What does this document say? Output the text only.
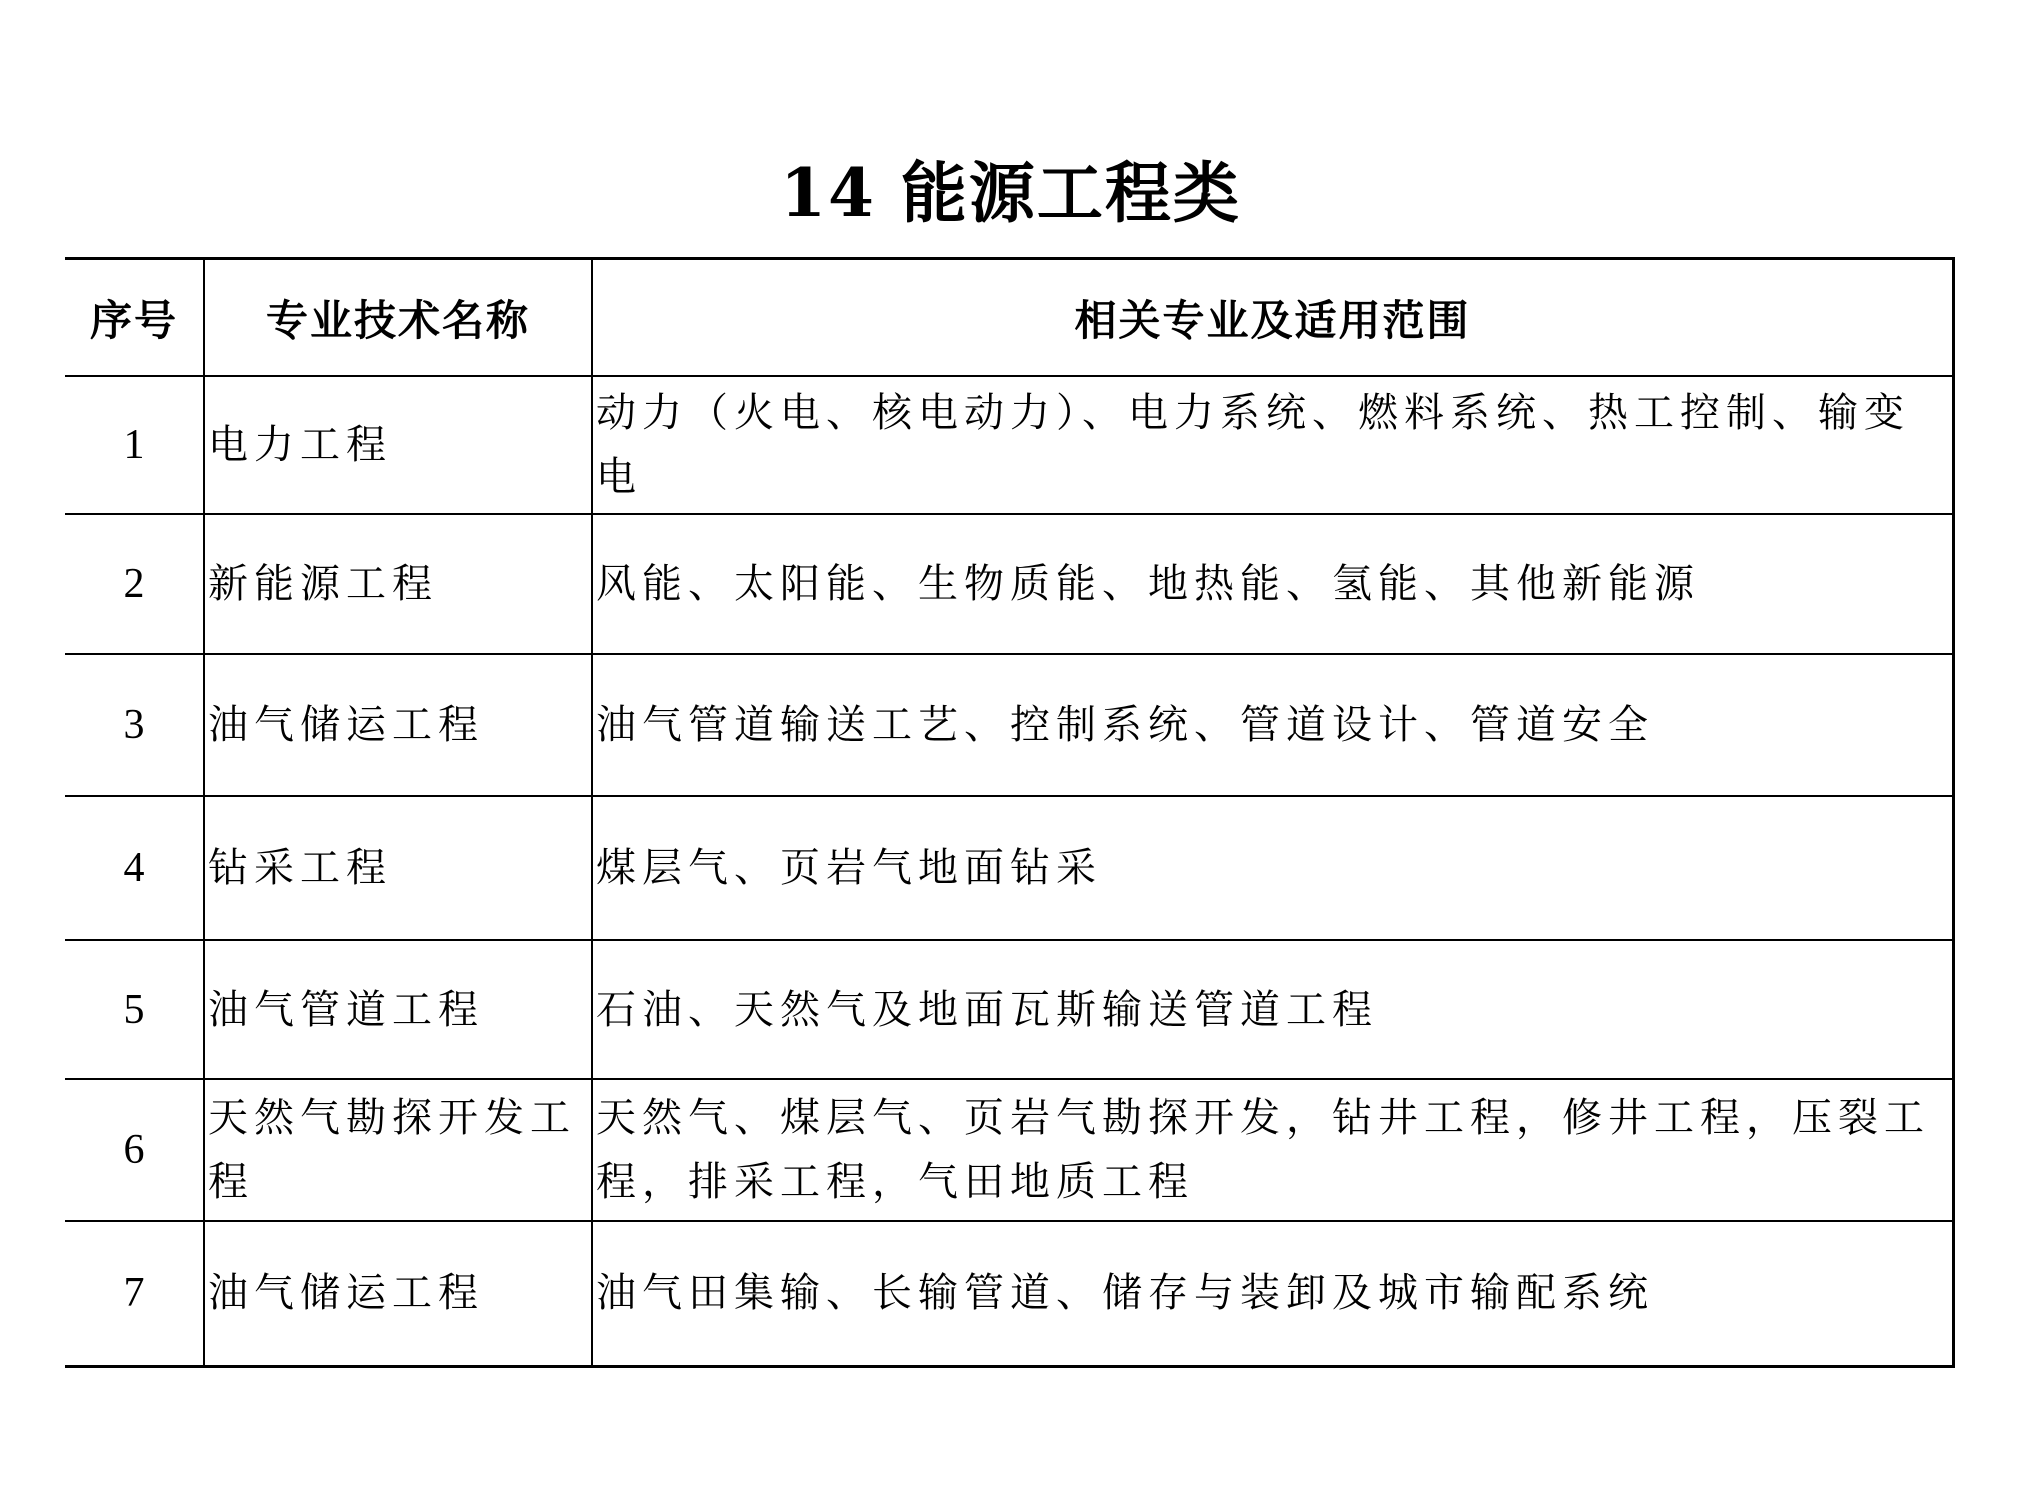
14 能源工程类
序号	专业技术名称	相关专业及适用范围
1	电力工程	动力（火电、核电动力）、电力系统、燃料系统、热工控制、输变电
2	新能源工程	风能、太阳能、生物质能、地热能、氢能、其他新能源
3	油气储运工程	油气管道输送工艺、控制系统、管道设计、管道安全
4	钻采工程	煤层气、页岩气地面钻采
5	油气管道工程	石油、天然气及地面瓦斯输送管道工程
6	天然气勘探开发工程	天然气、煤层气、页岩气勘探开发，钻井工程，修井工程，压裂工程，排采工程，气田地质工程
7	油气储运工程	油气田集输、长输管道、储存与装卸及城市输配系统
